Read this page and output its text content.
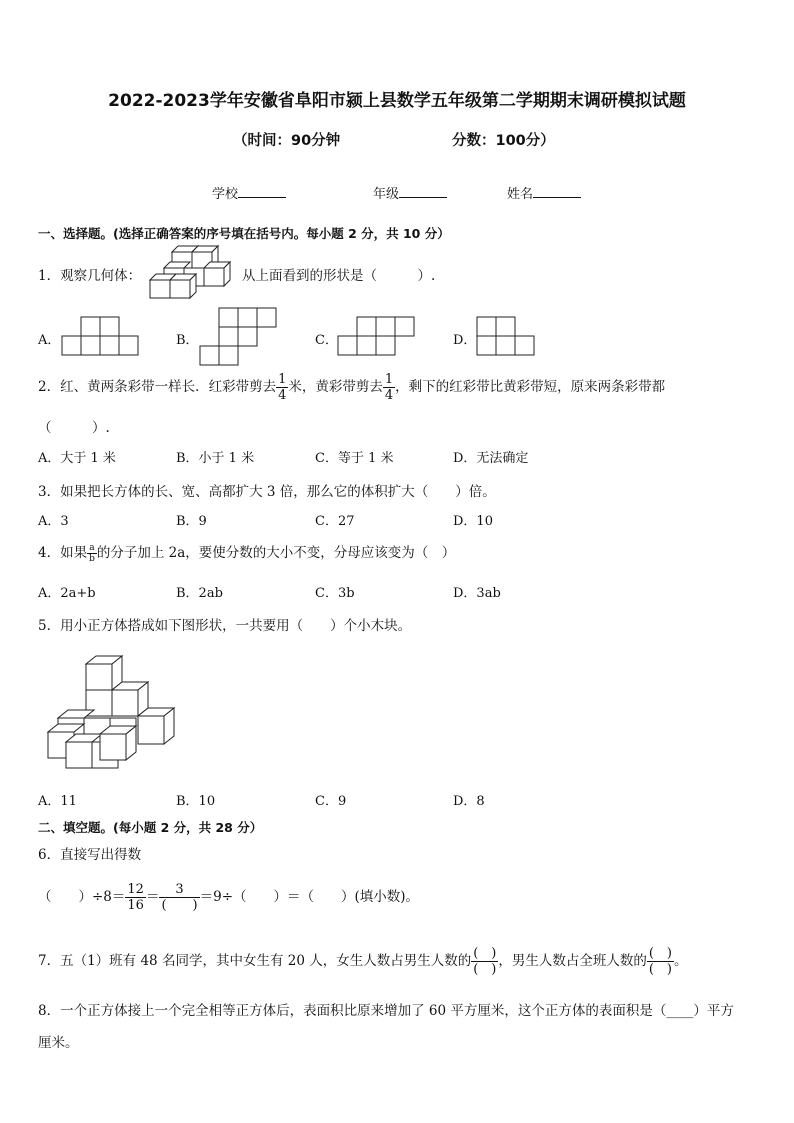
2022-2023学年安徽省阜阳市颍上县数学五年级第二学期期末调研模拟试题
（时间：90分钟	分数：100分）
学校	年级	姓名
一、选择题。(选择正确答案的序号填在括号内。每小题 2 分，共 10 分）
1．观察几何体：	从上面看到的形状是（　　　）.
A．	B．	C．	D．
2．红、黄两条彩带一样长．红彩带剪去 $\frac{1}{4}$ 米，黄彩带剪去 $\frac{1}{4}$ ，剩下的红彩带比黄彩带短，原来两条彩带都
（　　　）.
A．大于 1 米	B．小于 1 米	C．等于 1 米	D．无法确定
3．如果把长方体的长、宽、高都扩大 3 倍，那么它的体积扩大（　　）倍。
A．3	B．9	C．27	D．10
4．如果 $\frac{a}{b}$ 的分子加上 2a，要使分数的大小不变，分母应该变为（　）
A．2a+b	B．2ab	C．3b	D．3ab
5．用小正方体搭成如下图形状，一共要用（　　）个小木块。
A．11	B．10	C．9	D．8
二、填空题。(每小题 2 分，共 28 分）
6．直接写出得数
（　　）$\div 8= \frac{12}{16} = \frac{3}{( )} =9\div$（　　）＝（　　）(填小数)。
7．五（1）班有 48 名同学，其中女生有 20 人，女生人数占男生人数的 $\frac{( )}{( )}$ ，男生人数占全班人数的 $\frac{( )}{( )}$ 。
8．一个正方体接上一个完全相等正方体后，表面积比原来增加了 60 平方厘米，这个正方体的表面积是（____）平方
厘米。
